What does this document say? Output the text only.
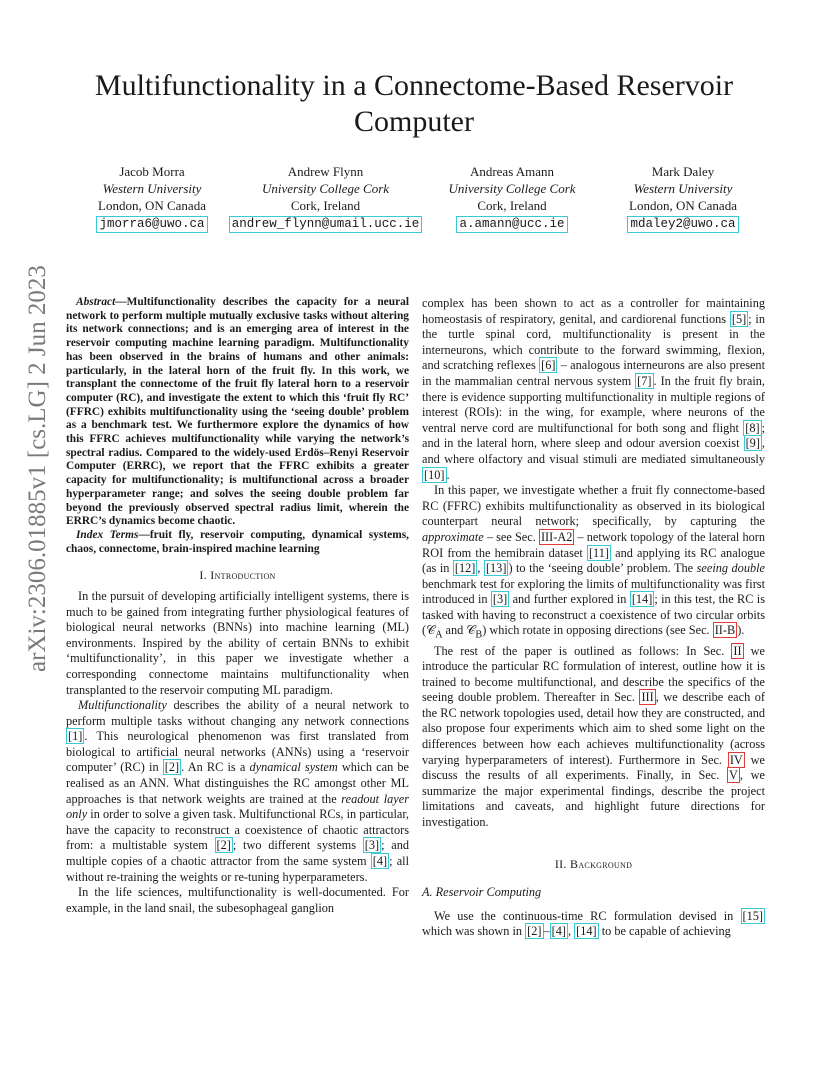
Multifunctionality in a Connectome-Based Reservoir Computer
Jacob Morra
Western University
London, ON Canada
jmorra6@uwo.ca
Andrew Flynn
University College Cork
Cork, Ireland
andrew_flynn@umail.ucc.ie
Andreas Amann
University College Cork
Cork, Ireland
a.amann@ucc.ie
Mark Daley
Western University
London, ON Canada
mdaley2@uwo.ca
arXiv:2306.01885v1 [cs.LG] 2 Jun 2023	Abstract—Multifunctionality describes the capacity for a neural network to perform multiple mutually exclusive tasks without altering its network connections; and is an emerging area of interest in the reservoir computing machine learning paradigm. Multifunctionality has been observed in the brains of humans and other animals: particularly, in the lateral horn of the fruit fly. In this work, we transplant the connectome of the fruit fly lateral horn to a reservoir computer (RC), and investigate the extent to which this ‘fruit fly RC’ (FFRC) exhibits multifunctionality using the ‘seeing double’ problem as a benchmark test. We furthermore explore the dynamics of how this FFRC achieves multifunctionality while varying the network’s spectral radius. Compared to the widely-used Erdös–Renyi Reservoir Computer (ERRC), we report that the FFRC exhibits a greater capacity for multifunctionality; is multifunctional across a broader hyperparameter range; and solves the seeing double problem far beyond the previously observed spectral radius limit, wherein the ERRC’s dynamics become chaotic.

Index Terms—fruit fly, reservoir computing, dynamical systems, chaos, connectome, brain-inspired machine learning

I. Introduction

In the pursuit of developing artificially intelligent systems, there is much to be gained from integrating further physiological features of biological neural networks (BNNs) into machine learning (ML) environments. Inspired by the ability of certain BNNs to exhibit ‘multifunctionality’, in this paper we investigate whether a corresponding connectome maintains multifunctionality when transplanted to the reservoir computing ML paradigm.

Multifunctionality describes the ability of a neural network to perform multiple tasks without changing any network connections [1] . This neurological phenomenon was first translated from biological to artificial neural networks (ANNs) using a ‘reservoir computer’ (RC) in [2] . An RC is a dynamical system which can be realised as an ANN. What distinguishes the RC amongst other ML approaches is that network weights are trained at the readout layer only in order to solve a given task. Multifunctional RCs, in particular, have the capacity to reconstruct a coexistence of chaotic attractors from: a multistable system [2] ; two different systems [3] ; and multiple copies of a chaotic attractor from the same system [4] ; all without re-training the weights or re-tuning hyperparameters.

In the life sciences, multifunctionality is well-documented. For example, in the land snail, the subesophageal ganglion

complex has been shown to act as a controller for maintaining homeostasis of respiratory, genital, and cardiorenal functions [5] ; in the turtle spinal cord, multifunctionality is present in the interneurons, which contribute to the forward swimming, flexion, and scratching reflexes [6] – analogous interneurons are also present in the mammalian central nervous system [7] . In the fruit fly brain, there is evidence supporting multifunctionality in multiple regions of interest (ROIs): in the wing, for example, where neurons of the ventral nerve cord are multifunctional for both song and flight [8] ; and in the lateral horn, where sleep and odour aversion coexist [9] , and where olfactory and visual stimuli are mediated simultaneously [10] .

In this paper, we investigate whether a fruit fly connectome-based RC (FFRC) exhibits multifunctionality as observed in its biological counterpart neural network; specifically, by capturing the approximate – see Sec. III-A2 – network topology of the lateral horn ROI from the hemibrain dataset [11] and applying its RC analogue (as in [12] , [13] ) to the ‘seeing double’ problem. The seeing double benchmark test for exploring the limits of multifunctionality was first introduced in [3] and further explored in [14] ; in this test, the RC is tasked with having to reconstruct a coexistence of two circular orbits (𝒞$_A$ and 𝒞$_B$) which rotate in opposing directions (see Sec. II-B ).

The rest of the paper is outlined as follows: In Sec. II we introduce the particular RC formulation of interest, outline how it is trained to become multifunctional, and describe the specifics of the seeing double problem. Thereafter in Sec. III , we describe each of the RC network topologies used, detail how they are constructed, and also propose four experiments which aim to shed some light on the differences between how each achieves multifunctionality (across varying hyperparameters of interest). Furthermore in Sec. IV we discuss the results of all experiments. Finally, in Sec. V , we summarize the major experimental findings, describe the project limitations and caveats, and highlight future directions for investigation.

II. Background
A. Reservoir Computing

We use the continuous-time RC formulation devised in [15] which was shown in [2] – [4] , [14] to be capable of achieving
